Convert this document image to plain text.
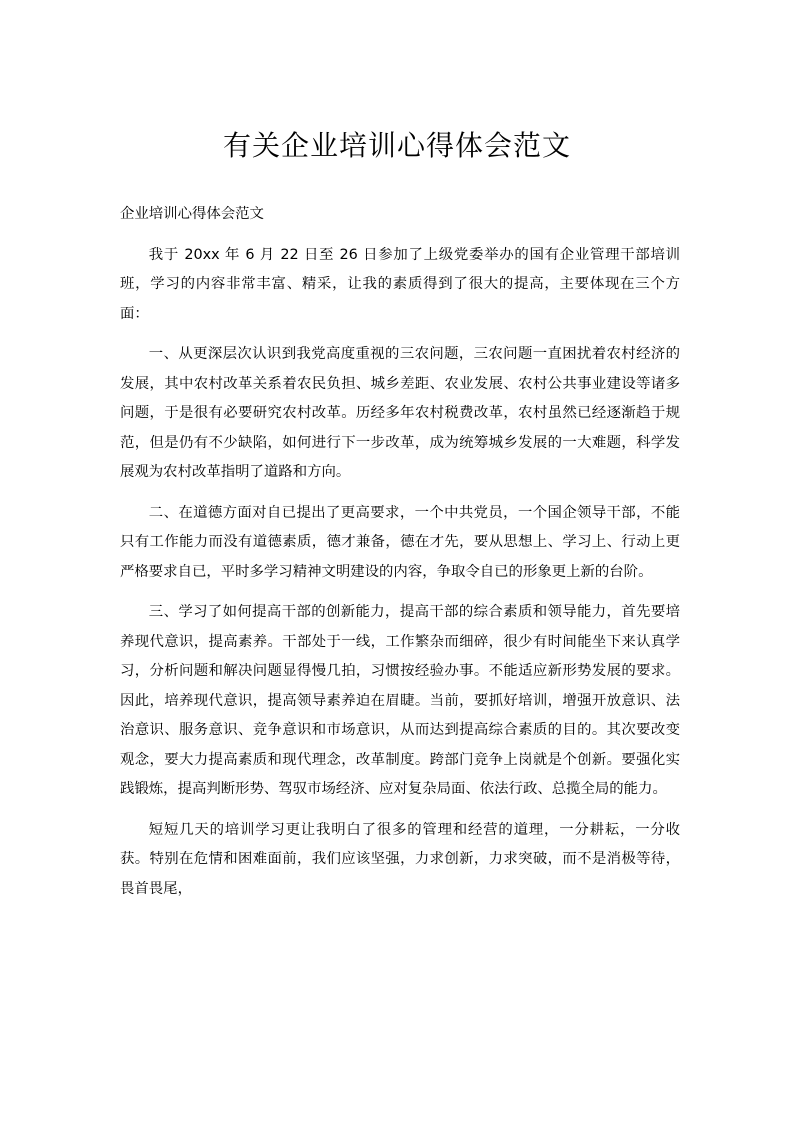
有关企业培训心得体会范文

企业培训心得体会范文

我于 20xx 年 6 月 22 日至 26 日参加了上级党委举办的国有企业管理干部培训班，学习的内容非常丰富、精采，让我的素质得到了很大的提高，主要体现在三个方面：

一、从更深层次认识到我党高度重视的三农问题，三农问题一直困扰着农村经济的发展，其中农村改革关系着农民负担、城乡差距、农业发展、农村公共事业建设等诸多问题，于是很有必要研究农村改革。历经多年农村税费改革，农村虽然已经逐渐趋于规范，但是仍有不少缺陷，如何进行下一步改革，成为统筹城乡发展的一大难题，科学发展观为农村改革指明了道路和方向。

二、在道德方面对自已提出了更高要求，一个中共党员，一个国企领导干部，不能只有工作能力而没有道德素质，德才兼备，德在才先，要从思想上、学习上、行动上更严格要求自已，平时多学习精神文明建设的内容，争取令自已的形象更上新的台阶。

三、学习了如何提高干部的创新能力，提高干部的综合素质和领导能力，首先要培养现代意识，提高素养。干部处于一线，工作繁杂而细碎，很少有时间能坐下来认真学习，分析问题和解决问题显得慢几拍，习惯按经验办事。不能适应新形势发展的要求。因此，培养现代意识，提高领导素养迫在眉睫。当前，要抓好培训，增强开放意识、法治意识、服务意识、竞争意识和市场意识，从而达到提高综合素质的目的。其次要改变观念，要大力提高素质和现代理念，改革制度。跨部门竞争上岗就是个创新。要强化实践锻炼，提高判断形势、驾驭市场经济、应对复杂局面、依法行政、总揽全局的能力。

短短几天的培训学习更让我明白了很多的管理和经营的道理，一分耕耘，一分收获。特别在危情和困难面前，我们应该坚强，力求创新，力求突破，而不是消极等待，畏首畏尾，
